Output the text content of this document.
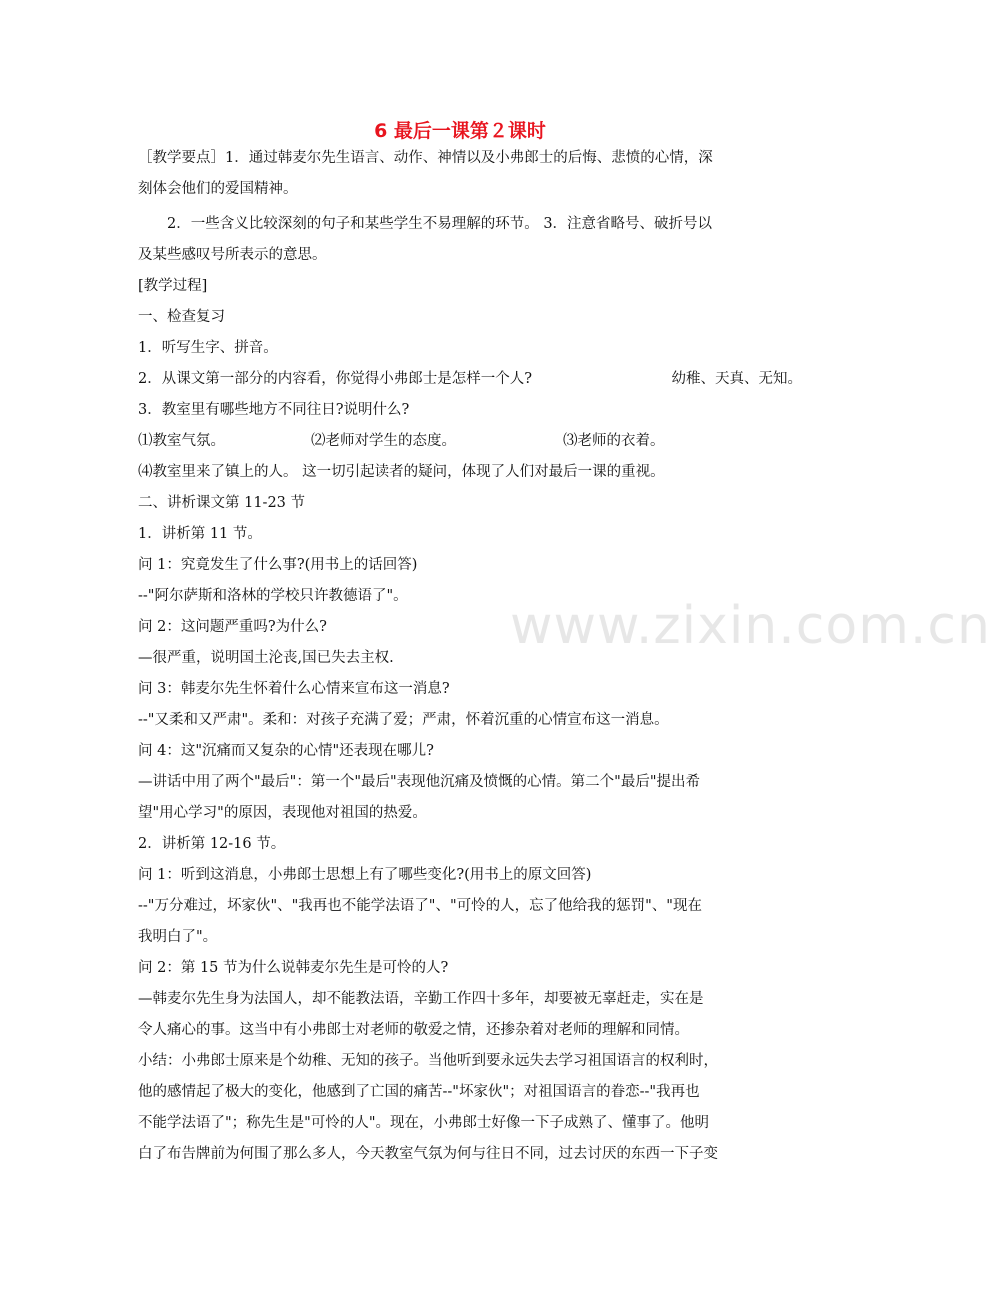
6 最后一课第２课时

［教学要点］1．通过韩麦尔先生语言、动作、神情以及小弗郎士的后悔、悲愤的心情，深

刻体会他们的爱国精神。

2．一些含义比较深刻的句子和某些学生不易理解的环节。 3．注意省略号、破折号以

及某些感叹号所表示的意思。

[教学过程]

一、检查复习

1．听写生字、拼音。

2．从课文第一部分的内容看，你觉得小弗郎士是怎样一个人?	幼稚、天真、无知。

3．教室里有哪些地方不同往日?说明什么?

⑴教室气氛。	⑵老师对学生的态度。	⑶老师的衣着。

⑷教室里来了镇上的人。 这一切引起读者的疑问，体现了人们对最后一课的重视。

二、讲析课文第 11-23 节

1．讲析第 11 节。

问 1：究竟发生了什么事?(用书上的话回答)

--"阿尔萨斯和洛林的学校只许教德语了"。

问 2：这问题严重吗?为什么?

—很严重，说明国土沦丧,国已失去主权.

问 3：韩麦尔先生怀着什么心情来宣布这一消息?

--"又柔和又严肃"。柔和：对孩子充满了爱；严肃，怀着沉重的心情宣布这一消息。

问 4：这"沉痛而又复杂的心情"还表现在哪儿?

—讲话中用了两个"最后"：第一个"最后"表现他沉痛及愤慨的心情。第二个"最后"提出希

望"用心学习"的原因，表现他对祖国的热爱。

2．讲析第 12-16 节。

问 1：听到这消息，小弗郎士思想上有了哪些变化?(用书上的原文回答)

--"万分难过，坏家伙"、"我再也不能学法语了"、"可怜的人，忘了他给我的惩罚"、"现在

我明白了"。

问 2：第 15 节为什么说韩麦尔先生是可怜的人?

—韩麦尔先生身为法国人，却不能教法语，辛勤工作四十多年，却要被无辜赶走，实在是

令人痛心的事。这当中有小弗郎士对老师的敬爱之情，还掺杂着对老师的理解和同情。

小结：小弗郎士原来是个幼稚、无知的孩子。当他听到要永远失去学习祖国语言的权利时，

他的感情起了极大的变化，他感到了亡国的痛苦--"坏家伙"；对祖国语言的眷恋--"我再也

不能学法语了"；称先生是"可怜的人"。现在，小弗郎士好像一下子成熟了、懂事了。他明

白了布告牌前为何围了那么多人，今天教室气氛为何与往日不同，过去讨厌的东西一下子变

www.zixin.com.cn
